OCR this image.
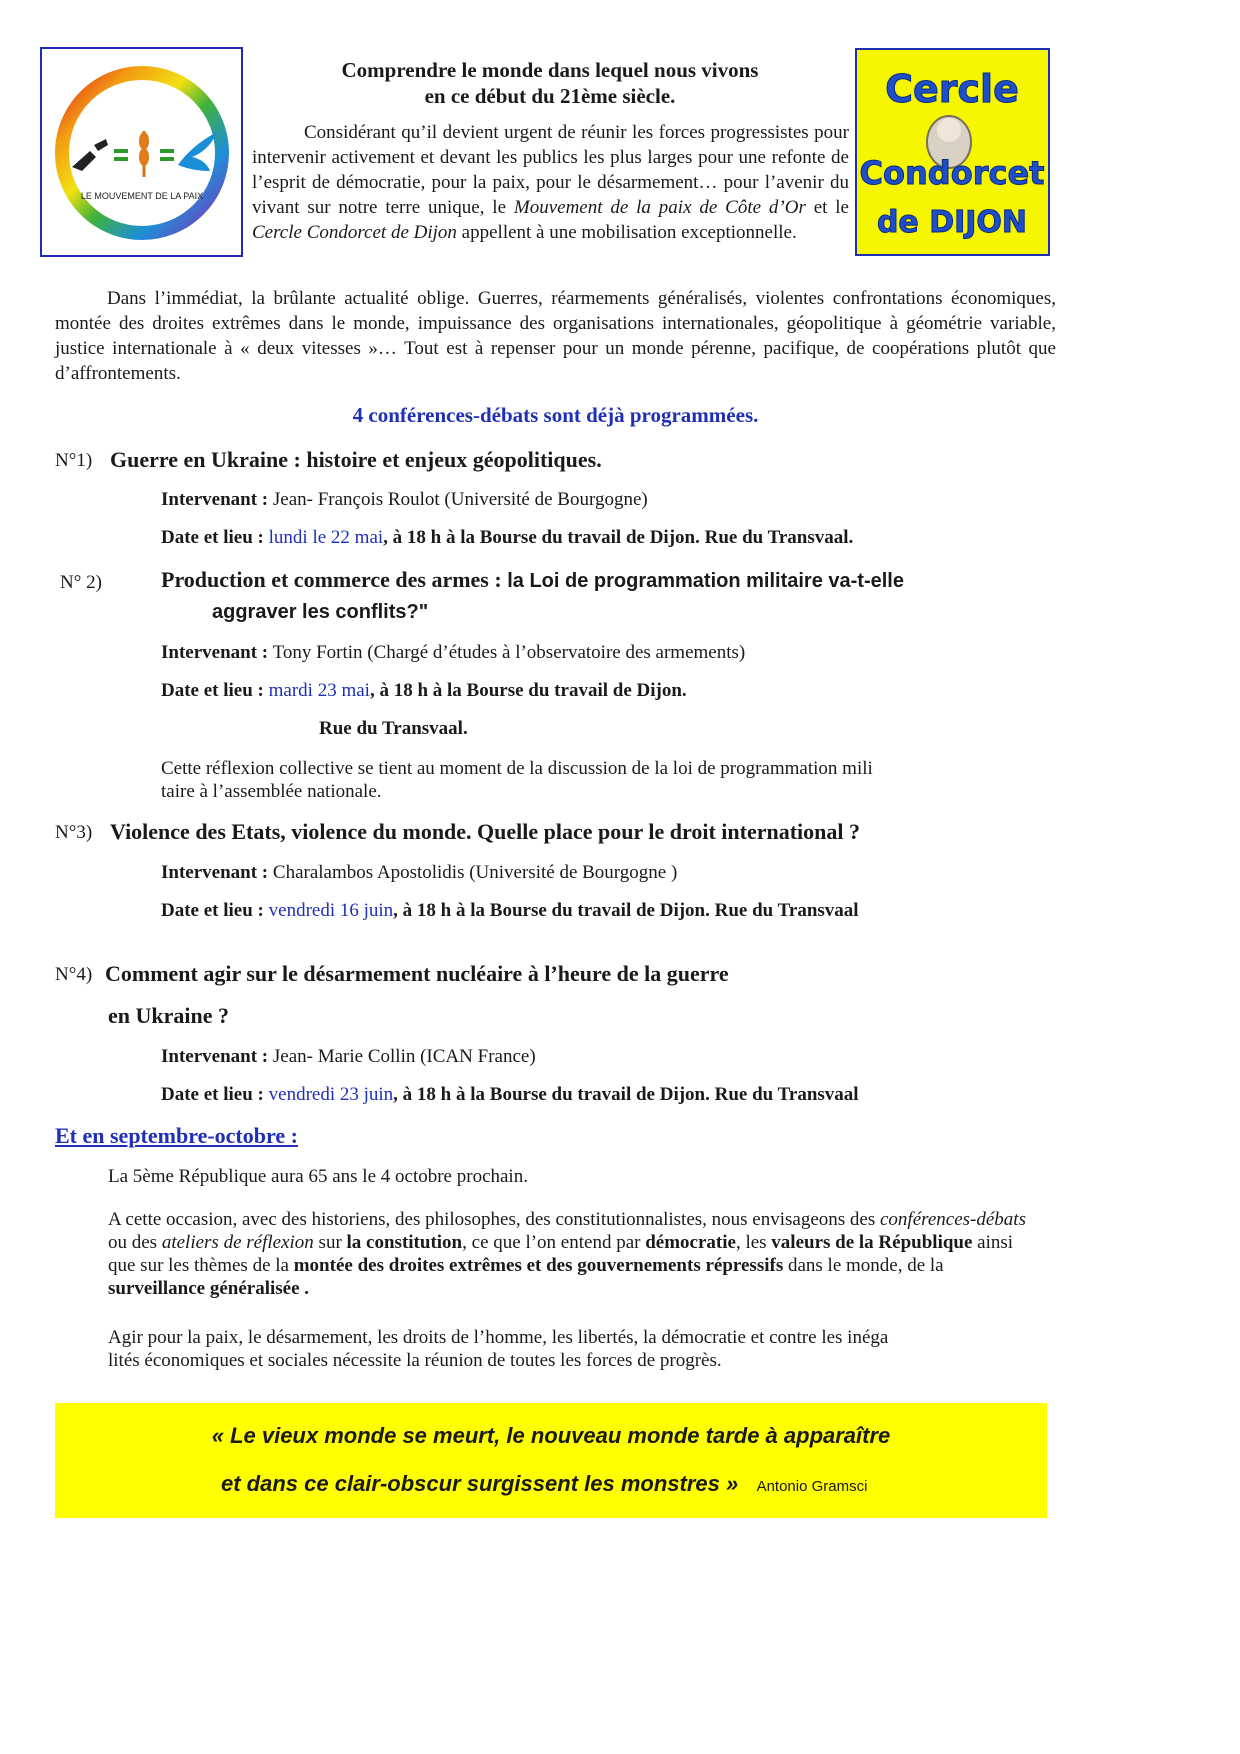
LE MOUVEMENT DE LA PAIX
Comprendre le monde dans lequel nous vivons
en ce début du 21ème siècle.
Considérant qu’il devient urgent de réunir les forces progressistes pour intervenir activement et devant les publics les plus larges pour une refonte de l’esprit de démocratie, pour la paix, pour le désarmement… pour l’avenir du vivant sur notre terre unique, le Mouvement de la paix de Côte d’Or et le Cercle Condorcet de Dijon appellent à une mobilisation exceptionnelle.
Cercle
Condorcet
de DIJON
Dans l’immédiat, la brûlante actualité oblige. Guerres, réarmements généralisés, violentes confrontations économiques, montée des droites extrêmes dans le monde, impuissance des organisations internationales, géopolitique à géométrie variable, justice internationale à « deux vitesses »… Tout est à repenser pour un monde pérenne, pacifique, de coopérations plutôt que d’affrontements.
4 conférences-débats sont déjà programmées.
N°1) Guerre en Ukraine : histoire et enjeux géopolitiques.
Intervenant : Jean- François Roulot (Université de Bourgogne)
Date et lieu : lundi le 22 mai, à 18 h à la Bourse du travail de Dijon. Rue du Transvaal.
N° 2)	Production et commerce des armes : la Loi de programmation militaire va-t-elle
aggraver les conflits?"
Intervenant : Tony Fortin (Chargé d’études à l’observatoire des armements)
Date et lieu : mardi 23 mai, à 18 h à la Bourse du travail de Dijon.
Rue du Transvaal.
Cette réflexion collective se tient au moment de la discussion de la loi de programmation mili
taire à l’assemblée nationale.
N°3) Violence des Etats, violence du monde. Quelle place pour le droit international ?
Intervenant : Charalambos Apostolidis (Université de Bourgogne )
Date et lieu : vendredi 16 juin, à 18 h à la Bourse du travail de Dijon. Rue du Transvaal
N°4) Comment agir sur le désarmement nucléaire à l’heure de la guerre
en Ukraine ?
Intervenant : Jean- Marie Collin (ICAN France)
Date et lieu : vendredi 23 juin, à 18 h à la Bourse du travail de Dijon. Rue du Transvaal
Et en septembre-octobre :
La 5ème République aura 65 ans le 4 octobre prochain.
A cette occasion, avec des historiens, des philosophes, des constitutionnalistes, nous envisageons des conférences-débats ou des ateliers de réflexion sur la constitution, ce que l’on entend par démocratie, les valeurs de la République ainsi que sur les thèmes de la montée des droites extrêmes et des gouvernements répressifs dans le monde, de la surveillance généralisée .
Agir pour la paix, le désarmement, les droits de l’homme, les libertés, la démocratie et contre les inéga
lités économiques et sociales nécessite la réunion de toutes les forces de progrès.
« Le vieux monde se meurt, le nouveau monde tarde à apparaître
et dans ce clair-obscur surgissent les monstres » Antonio Gramsci
